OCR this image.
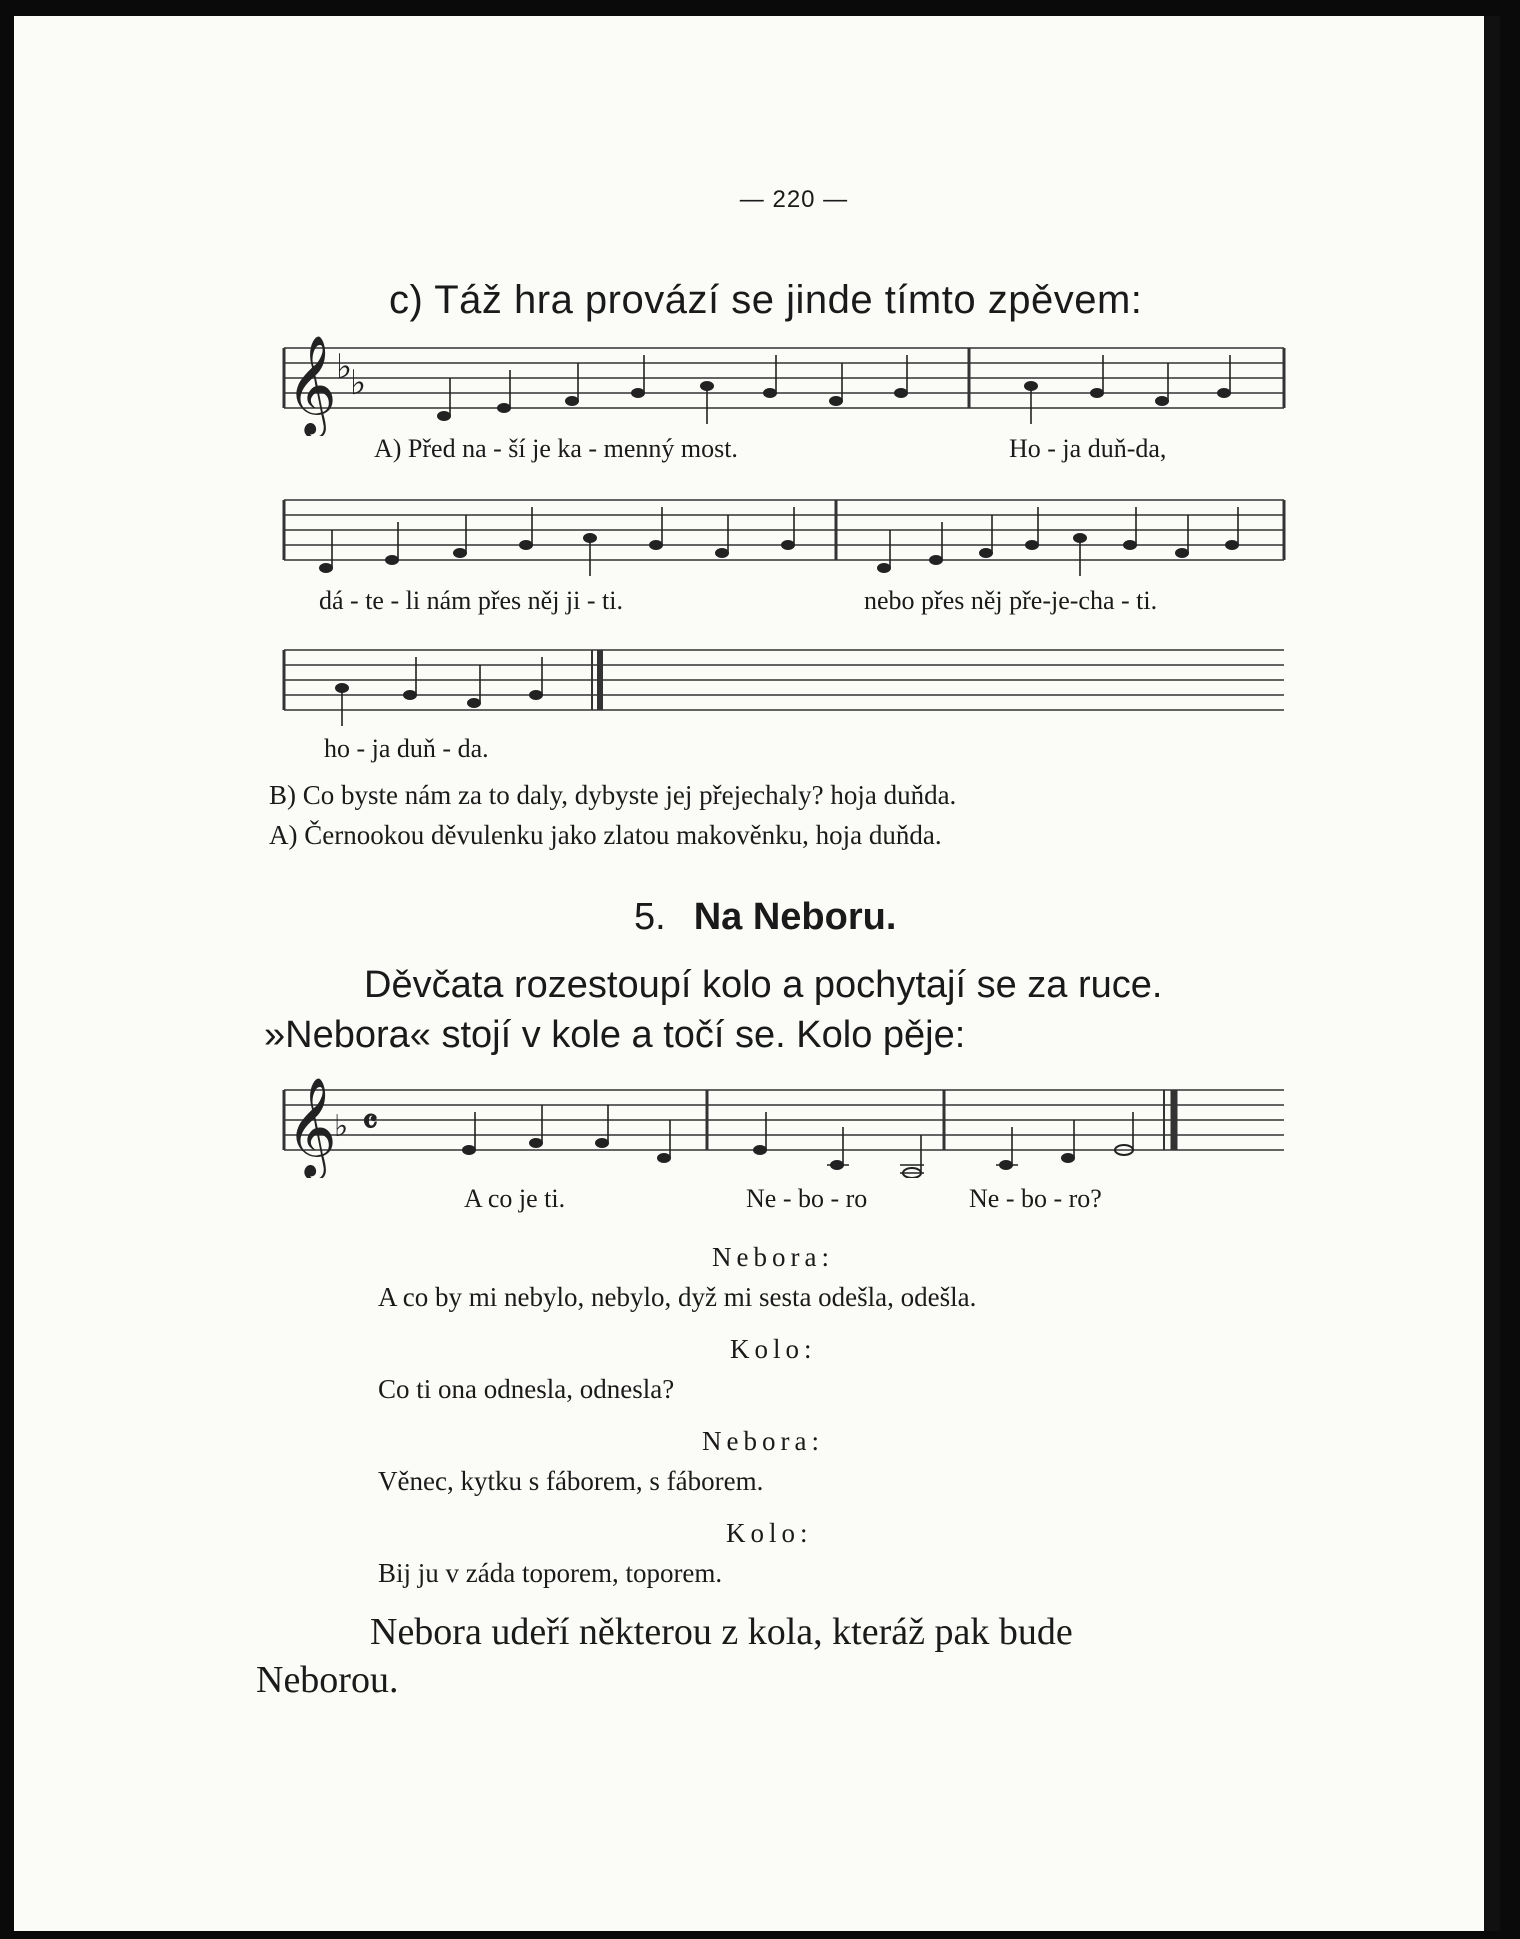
— 220 —
c) Táž hra provází se jinde tímto zpěvem:
𝄞 ♭
♭
A) Před na - ší je ka - menný most.	Ho - ja duň-da,
dá - te - li nám přes něj ji - ti.	nebo přes něj pře-je-cha - ti.
ho - ja duň - da.
B) Co byste nám za to daly, dybyste jej přejechaly? hoja duňda.
A) Černookou děvulenku jako zlatou makověnku, hoja duňda.
5. Na Neboru.
Děvčata rozestoupí kolo a pochytají se za ruce.
»Nebora« stojí v kole a točí se. Kolo pěje:
𝄞
♭ 𝄴
A co je ti.	Ne - bo - ro	Ne - bo - ro?
Nebora:
A co by mi nebylo, nebylo, dyž mi sesta odešla, odešla.
Kolo:
Co ti ona odnesla, odnesla?
Nebora:
Věnec, kytku s fáborem, s fáborem.
Kolo:
Bij ju v záda toporem, toporem.
Nebora udeří některou z kola, kteráž pak bude
Neborou.
